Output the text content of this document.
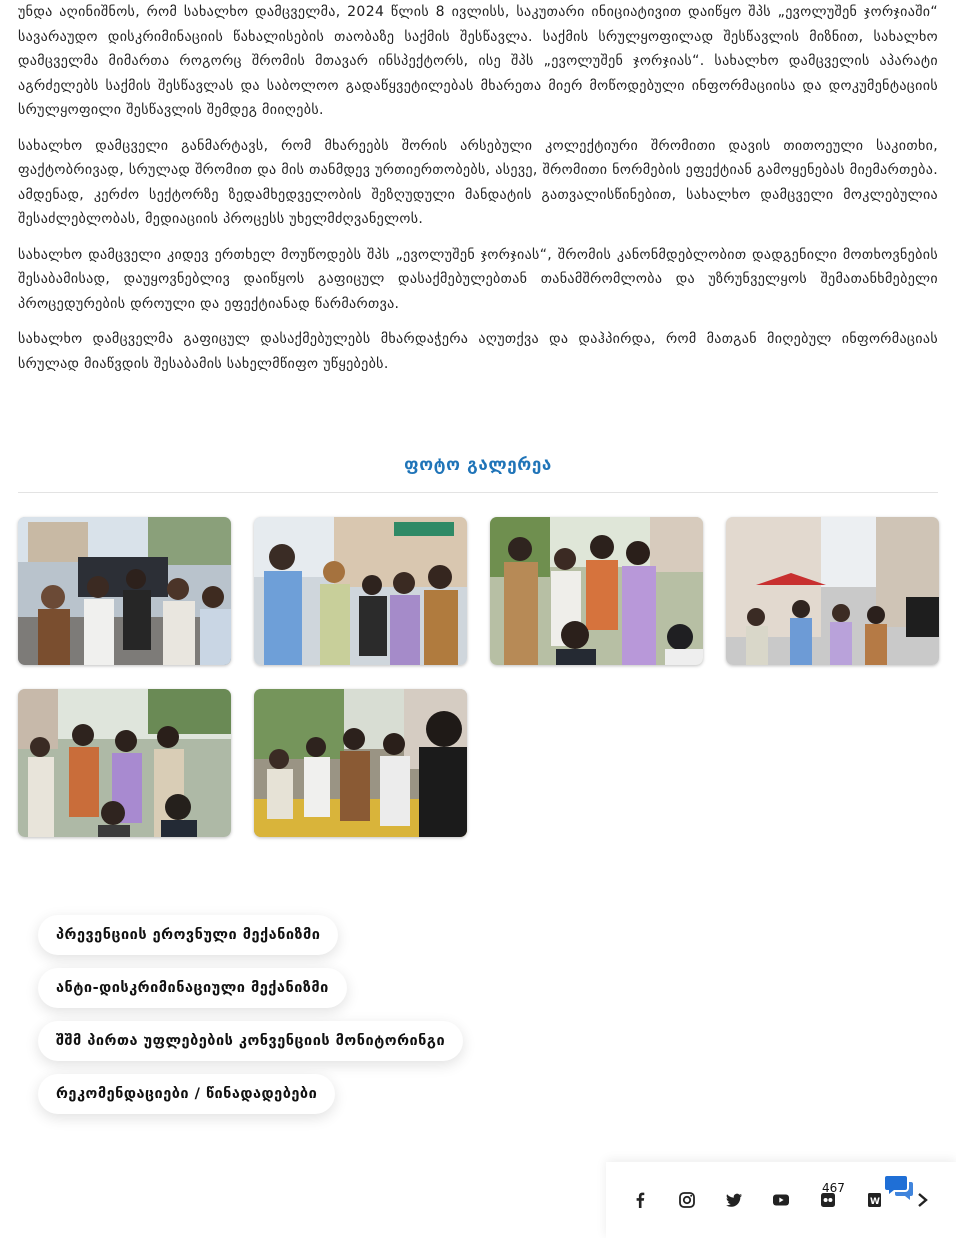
უნდა აღინიშნოს, რომ სახალხო დამცველმა, 2024 წლის 8 ივლისს, საკუთარი ინიციატივით დაიწყო შპს „ევოლუშენ ჯორჯიაში“ სავარაუდო დისკრიმინაციის წახალისების თაობაზე საქმის შესწავლა. საქმის სრულყოფილად შესწავლის მიზნით, სახალხო დამცველმა მიმართა როგორც შრომის მთავარ ინსპექტორს, ისე შპს „ევოლუშენ ჯორჯიას“. სახალხო დამცველის აპარატი აგრძელებს საქმის შესწავლას და საბოლოო გადაწყვეტილებას მხარეთა მიერ მოწოდებული ინფორმაციისა და დოკუმენტაციის სრულყოფილი შესწავლის შემდეგ მიიღებს.

სახალხო დამცველი განმარტავს, რომ მხარეებს შორის არსებული კოლექტიური შრომითი დავის თითოეული საკითხი, ფაქტობრივად, სრულად შრომით და მის თანმდევ ურთიერთობებს, ასევე, შრომითი ნორმების ეფექტიან გამოყენებას მიემართება. ამდენად, კერძო სექტორზე ზედამხედველობის შეზღუდული მანდატის გათვალისწინებით, სახალხო დამცველი მოკლებულია შესაძლებლობას, მედიაციის პროცესს უხელმძღვანელოს.

სახალხო დამცველი კიდევ ერთხელ მოუწოდებს შპს „ევოლუშენ ჯორჯიას“, შრომის კანონმდებლობით დადგენილი მოთხოვნების შესაბამისად, დაუყოვნებლივ დაიწყოს გაფიცულ დასაქმებულებთან თანამშრომლობა და უზრუნველყოს შემათანხმებელი პროცედურების დროული და ეფექტიანად წარმართვა.

სახალხო დამცველმა გაფიცულ დასაქმებულებს მხარდაჭერა აღუთქვა და დაჰპირდა, რომ მათგან მიღებულ ინფორმაციას სრულად მიაწვდის შესაბამის სახელმწიფო უწყებებს.

ფოტო გალერეა
პრევენციის ეროვნული მექანიზმი
ანტი-დისკრიმინაციული მექანიზმი
შშმ პირთა უფლებების კონვენციის მონიტორინგი
რეკომენდაციები / წინადადებები
W
467
